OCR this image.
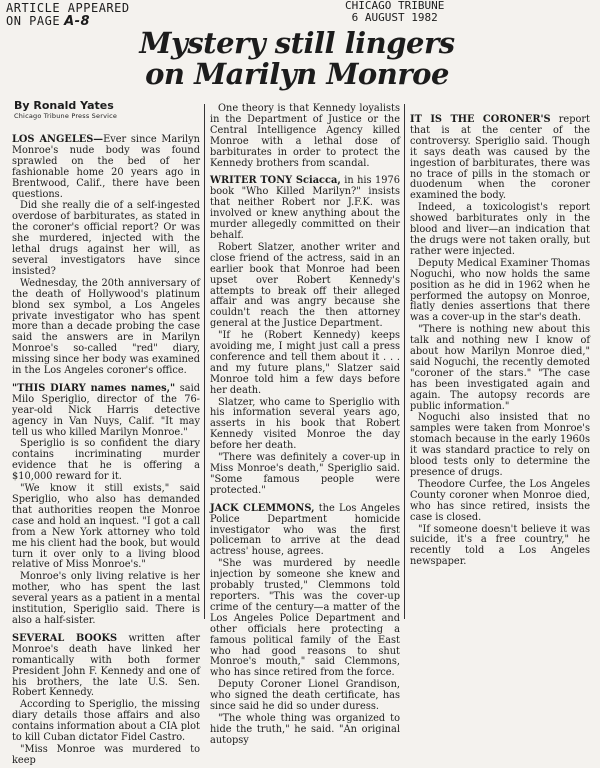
ARTICLE APPEARED
ON PAGE A-8
CHICAGO TRIBUNE
6 AUGUST 1982
Mystery still lingers
on Marilyn Monroe
By Ronald Yates
Chicago Tribune Press Service

LOS ANGELES—Ever since Marilyn Monroe's nude body was found sprawled on the bed of her fashionable home 20 years ago in Brentwood, Calif., there have been questions.

Did she really die of a self-ingested overdose of barbiturates, as stated in the coroner's official report? Or was she murdered, injected with the lethal drugs against her will, as several investigators have since insisted?

Wednesday, the 20th anniversary of the death of Hollywood's platinum blond sex symbol, a Los Angeles private investigator who has spent more than a decade probing the case said the answers are in Marilyn Monroe's so-called "red" diary, missing since her body was examined in the Los Angeles coroner's office.

"THIS DIARY names names," said Milo Speriglio, director of the 76-year-old Nick Harris detective agency in Van Nuys, Calif. "It may tell us who killed Marilyn Monroe."

Speriglio is so confident the diary contains incriminating murder evidence that he is offering a $10,000 reward for it.

"We know it still exists," said Speriglio, who also has demanded that authorities reopen the Monroe case and hold an inquest. "I got a call from a New York attorney who told me his client had the book, but would turn it over only to a living blood relative of Miss Monroe's."

Monroe's only living relative is her mother, who has spent the last several years as a patient in a mental institution, Speriglio said. There is also a half-sister.

SEVERAL BOOKS written after Monroe's death have linked her romantically with both former President John F. Kennedy and one of his brothers, the late U.S. Sen. Robert Kennedy.

According to Speriglio, the missing diary details those affairs and also contains information about a CIA plot to kill Cuban dictator Fidel Castro.

"Miss Monroe was murdered to keep

One theory is that Kennedy loyalists in the Department of Justice or the Central Intelligence Agency killed Monroe with a lethal dose of barbiturates in order to protect the Kennedy brothers from scandal.

WRITER TONY Sciacca, in his 1976 book "Who Killed Marilyn?" insists that neither Robert nor J.F.K. was involved or knew anything about the murder allegedly committed on their behalf.

Robert Slatzer, another writer and close friend of the actress, said in an earlier book that Monroe had been upset over Robert Kennedy's attempts to break off their alleged affair and was angry because she couldn't reach the then attorney general at the Justice Department.

"If he (Robert Kennedy) keeps avoiding me, I might just call a press conference and tell them about it . . . and my future plans," Slatzer said Monroe told him a few days before her death.

Slatzer, who came to Speriglio with his information several years ago, asserts in his book that Robert Kennedy visited Monroe the day before her death.

"There was definitely a cover-up in Miss Monroe's death," Speriglio said. "Some famous people were protected."

JACK CLEMMONS, the Los Angeles Police Department homicide investigator who was the first policeman to arrive at the dead actress' house, agrees.

"She was murdered by needle injection by someone she knew and probably trusted," Clemmons told reporters. "This was the cover-up crime of the century—a matter of the Los Angeles Police Department and other officials here protecting a famous political family of the East who had good reasons to shut Monroe's mouth," said Clemmons, who has since retired from the force.

Deputy Coroner Lionel Grandison, who signed the death certificate, has since said he did so under duress.

"The whole thing was organized to hide the truth," he said. "An original autopsy

IT IS THE CORONER'S report that is at the center of the controversy. Speriglio said. Though it says death was caused by the ingestion of barbiturates, there was no trace of pills in the stomach or duodenum when the coroner examined the body.

Indeed, a toxicologist's report showed barbiturates only in the blood and liver—an indication that the drugs were not taken orally, but rather were injected.

Deputy Medical Examiner Thomas Noguchi, who now holds the same position as he did in 1962 when he performed the autopsy on Monroe, flatly denies assertions that there was a cover-up in the star's death.

"There is nothing new about this talk and nothing new I know of about how Marilyn Monroe died," said Noguchi, the recently demoted "coroner of the stars." "The case has been investigated again and again. The autopsy records are public information."

Noguchi also insisted that no samples were taken from Monroe's stomach because in the early 1960s it was standard practice to rely on blood tests only to determine the presence of drugs.

Theodore Curfee, the Los Angeles County coroner when Monroe died, who has since retired, insists the case is closed.

"If someone doesn't believe it was suicide, it's a free country," he recently told a Los Angeles newspaper.
